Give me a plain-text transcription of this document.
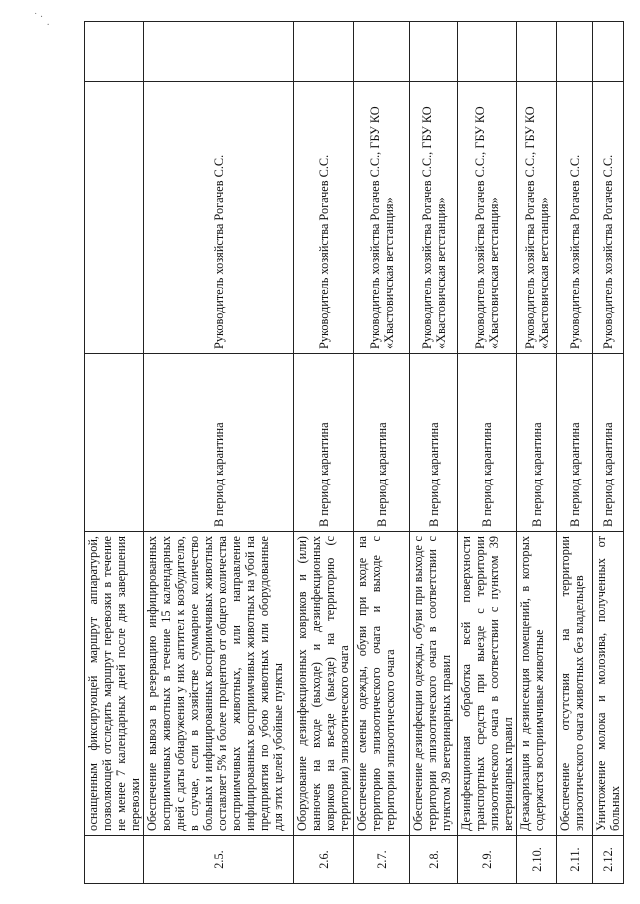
˙ ·
·
	оснащенным фиксирующей маршрут аппаратурой, позволяющей отследить маршрут перевозки в течение не менее 7 календарных дней после дня завершения перевозки			
2.5.	Обеспечение вывоза в резервацию инфицированных восприимчивых животных в течение 15 календарных дней с даты обнаружения у них антител к возбудителю, в случае, если в хозяйстве суммарное количество больных и инфицированных восприимчивых животных составляет 5% и более процентов от общего количества восприимчивых животных, или направление инфицированных восприимчивых животных на убой на предприятия по убою животных или оборудованные для этих целей убойные пункты	В период карантина	Руководитель хозяйства Рогачев С.С.	
2.6.	Оборудование дезинфекционных ковриков и (или) ванночек на входе (выходе) и дезинфекционных ковриков на въезде (выезде) на территорию (с территории) эпизоотического очага	В период карантина	Руководитель хозяйства Рогачев С.С.	
2.7.	Обеспечение смены одежды, обуви при входе на территорию эпизоотического очага и выходе с территории эпизоотического очага	В период карантина	Руководитель хозяйства Рогачев С.С., ГБУ КО «Хвастовичская ветстанция»	
2.8.	Обеспечение дезинфекции одежды, обуви при выходе с территории эпизоотического очага в соответствии с пунктом 39 ветеринарных правил	В период карантина	Руководитель хозяйства Рогачев С.С., ГБУ КО «Хвастовичская ветстанция»	
2.9.	Дезинфекционная обработка всей поверхности транспортных средств при выезде с территории эпизоотического очага в соответствии с пунктом 39 ветеринарных правил	В период карантина	Руководитель хозяйства Рогачев С.С., ГБУ КО «Хвастовичская ветстанция»	
2.10.	Дезакаризация и дезинсекция помещений, в которых содержатся восприимчивые животные	В период карантина	Руководитель хозяйства Рогачев С.С., ГБУ КО «Хвастовичская ветстанция»	
2.11.	Обеспечение отсутствия на территории эпизоотического очага животных без владельцев	В период карантина	Руководитель хозяйства Рогачев С.С.	
2.12.	Уничтожение молока и молозива, полученных от больных	В период карантина	Руководитель хозяйства Рогачев С.С.	
